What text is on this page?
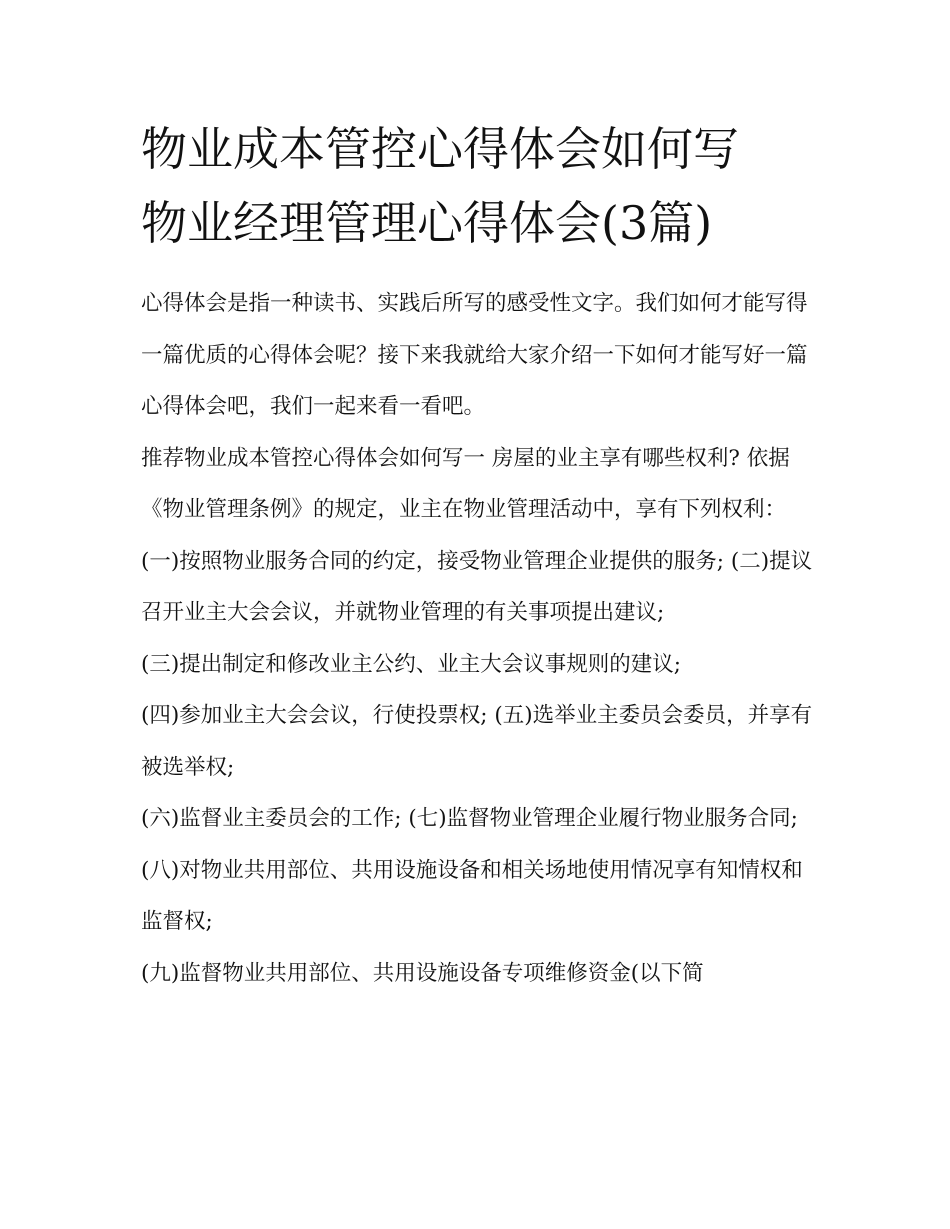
物业成本管控心得体会如何写
物业经理管理心得体会(3篇)

心得体会是指一种读书、实践后所写的感受性文字。我们如何才能写得一篇优质的心得体会呢？接下来我就给大家介绍一下如何才能写好一篇心得体会吧，我们一起来看一看吧。

推荐物业成本管控心得体会如何写一 房屋的业主享有哪些权利? 依据《物业管理条例》的规定，业主在物业管理活动中，享有下列权利：

(一)按照物业服务合同的约定，接受物业管理企业提供的服务; (二)提议召开业主大会会议，并就物业管理的有关事项提出建议;

(三)提出制定和修改业主公约、业主大会议事规则的建议;

(四)参加业主大会会议，行使投票权; (五)选举业主委员会委员，并享有被选举权;

(六)监督业主委员会的工作; (七)监督物业管理企业履行物业服务合同; (八)对物业共用部位、共用设施设备和相关场地使用情况享有知情权和监督权;

(九)监督物业共用部位、共用设施设备专项维修资金(以下简
